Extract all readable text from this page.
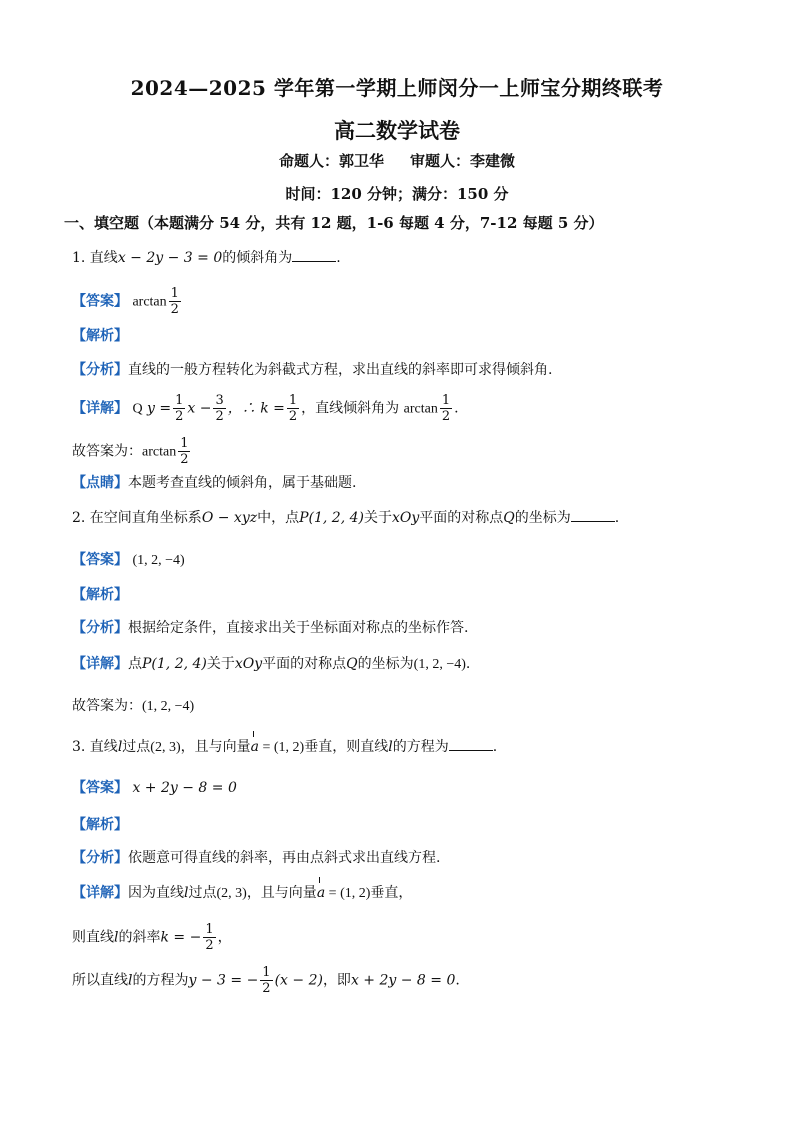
2024—2025 学年第一学期上师闵分一上师宝分期终联考
高二数学试卷
命题人：郭卫华 审题人：李建微
时间：120 分钟；满分：150 分
一、填空题（本题满分 54 分，共有 12 题，1-6 每题 4 分，7-12 每题 5 分）
1. 直线x − 2y − 3 = 0的倾斜角为	.
【答案】 $\arctan \frac{1}{2}$
【解析】
【分析】直线的一般方程转化为斜截式方程，求出直线的斜率即可求得倾斜角.
【详解】 Q $y = \frac{1}{2}$ $x - \frac{3}{2}$ ，∴ $k = \frac{1}{2}$ ，直线倾斜角为 $\arctan \frac{1}{2}$ .
故答案为：$\arctan \frac{1}{2}$
【点睛】本题考查直线的倾斜角，属于基础题.
2. 在空间直角坐标系O − xyz中，点P(1, 2, 4)关于xOy平面的对称点Q的坐标为	.
【答案】 (1, 2, −4)
【解析】
【分析】根据给定条件，直接求出关于坐标面对称点的坐标作答.
【详解】点P(1, 2, 4)关于xOy平面的对称点Q的坐标为(1, 2, −4).
故答案为：(1, 2, −4)
3. 直线l过点(2, 3)，且与向量a = (1, 2)垂直，则直线l的方程为	.
【答案】 x + 2y − 8 = 0
【解析】
【分析】依题意可得直线的斜率，再由点斜式求出直线方程.
【详解】因为直线l过点(2, 3)，且与向量a = (1, 2)垂直，
则直线l的斜率k = − $\frac{1}{2}$ ，
所以直线l的方程为y − 3 = − $\frac{1}{2} (x - 2)$，即x + 2y − 8 = 0.
